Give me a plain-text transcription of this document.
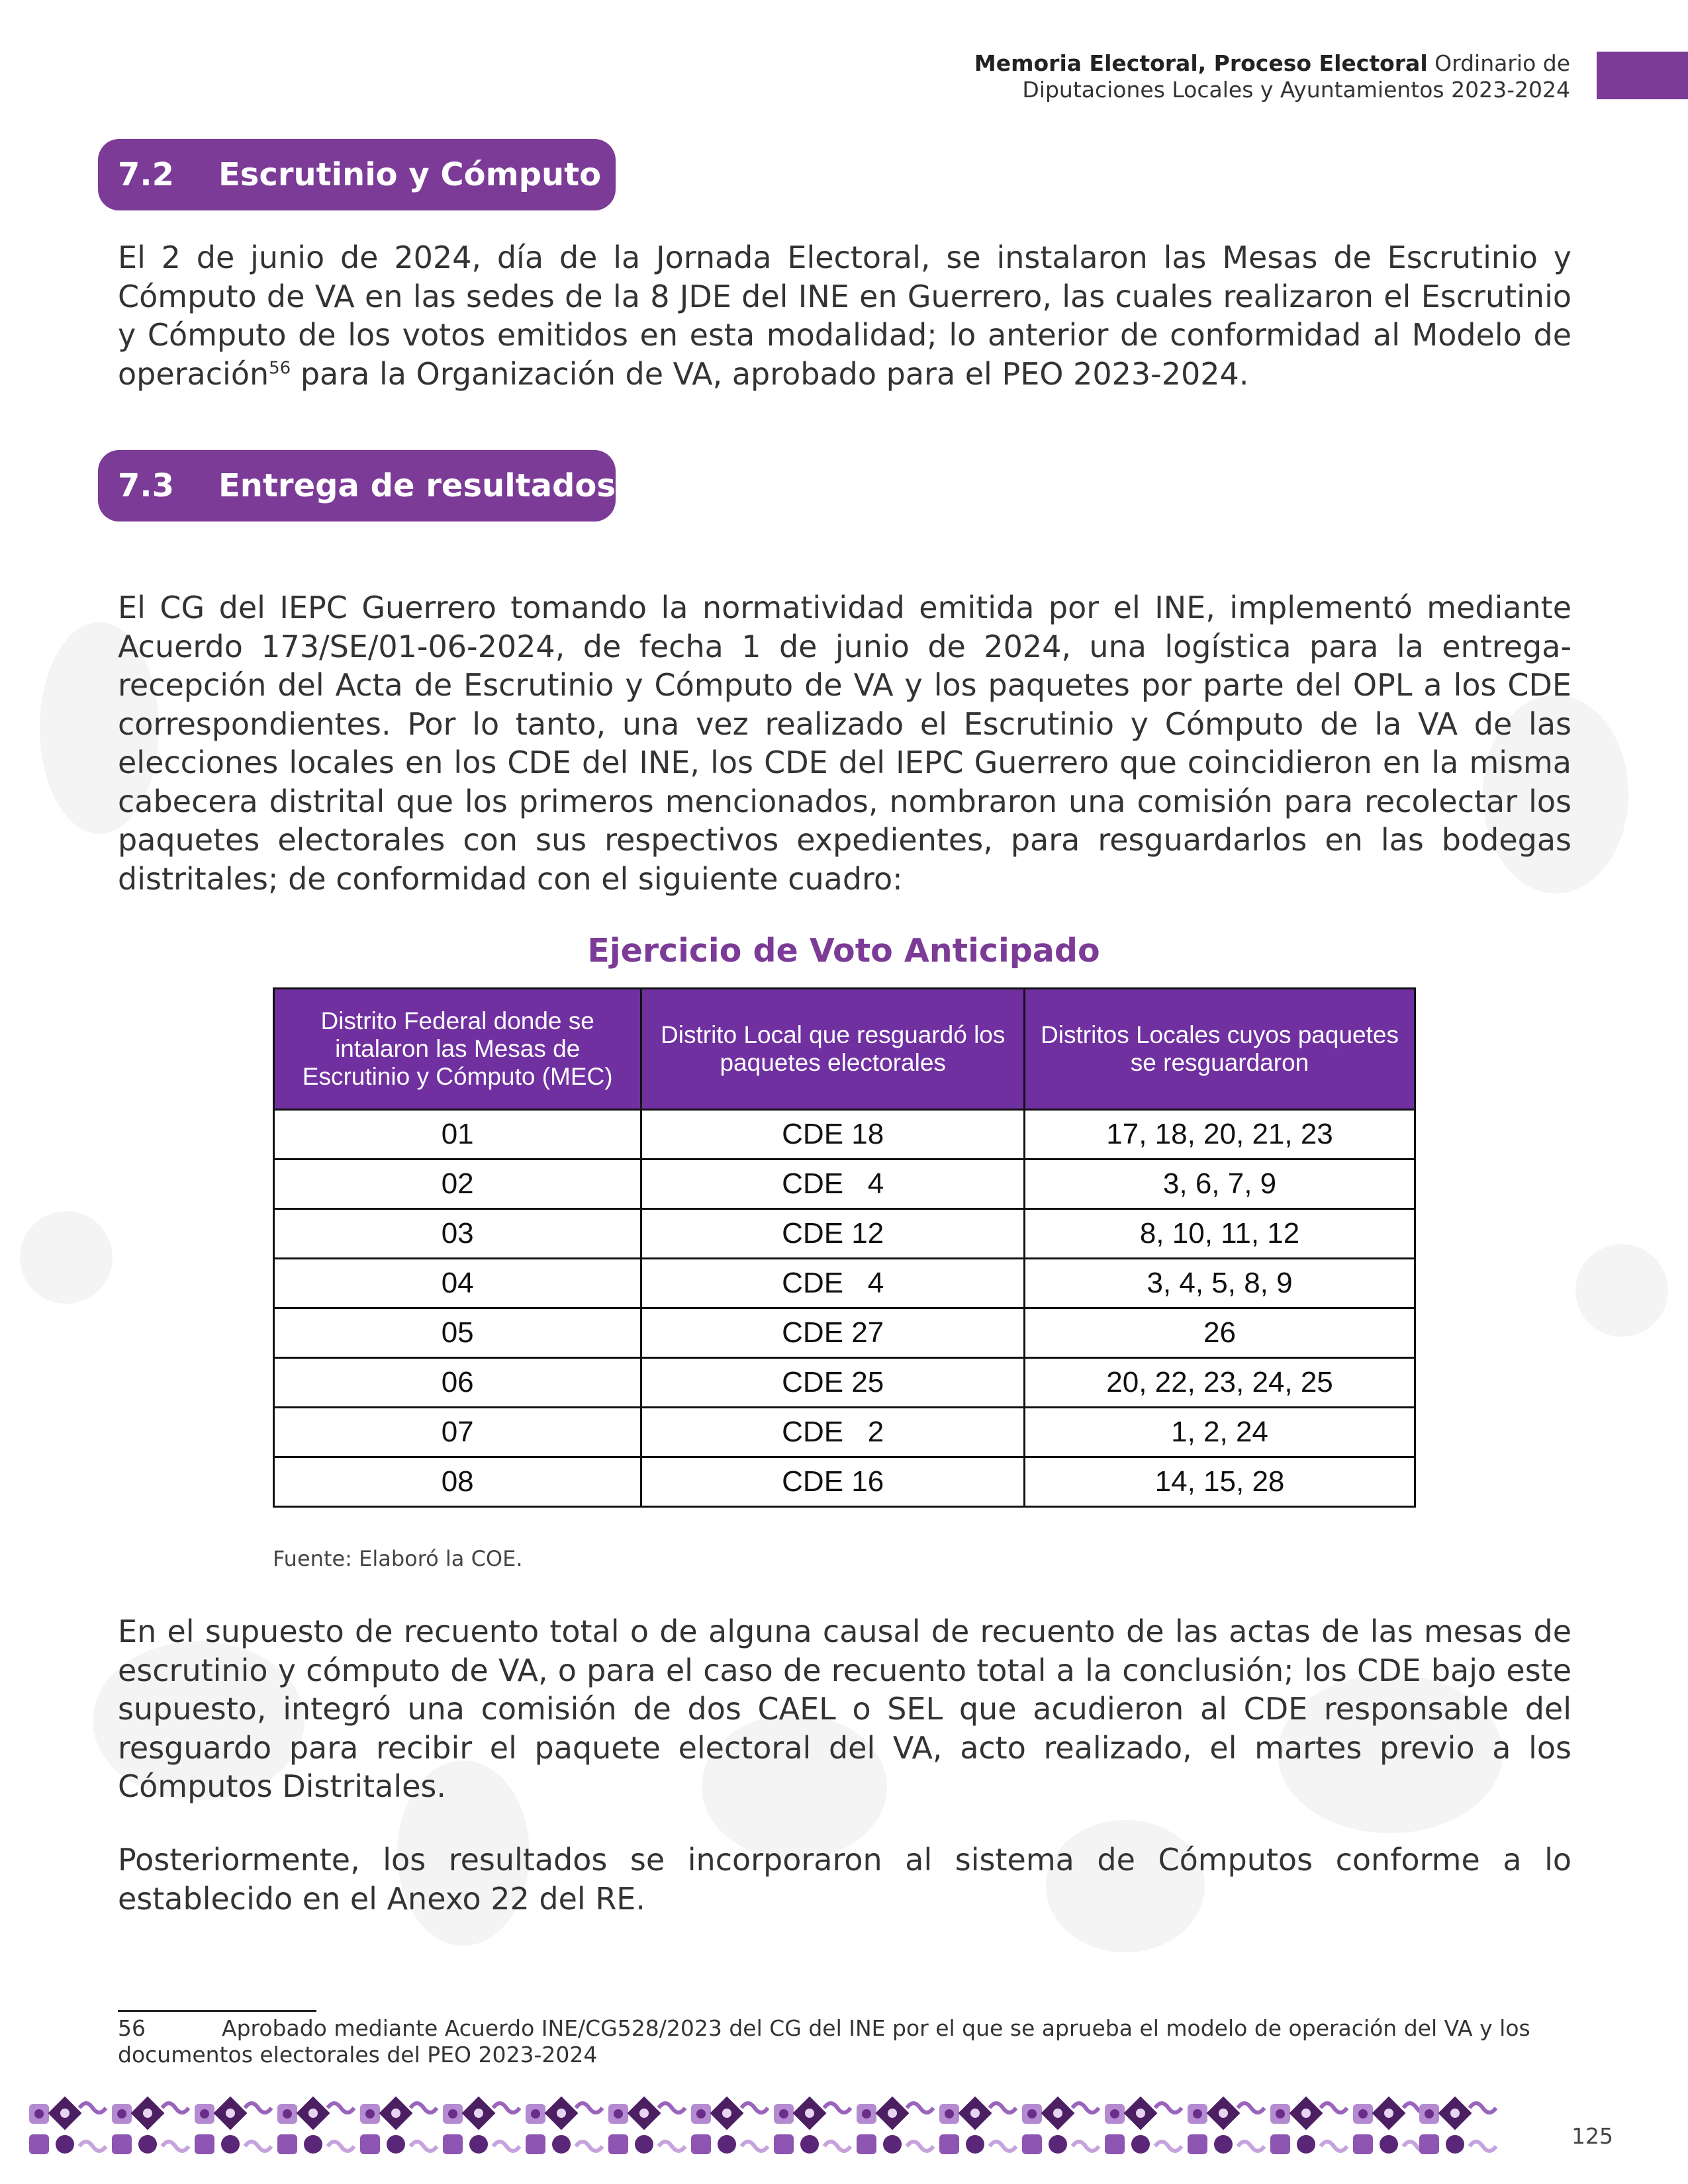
Memoria Electoral, Proceso Electoral Ordinario de
Diputaciones Locales y Ayuntamientos 2023-2024
7.2	Escrutinio y Cómputo

El 2 de junio de 2024, día de la Jornada Electoral, se instalaron las Mesas de Escrutinio y Cómputo de VA en las sedes de la 8 JDE del INE en Guerrero, las cuales realizaron el Escrutinio y Cómputo de los votos emitidos en esta modalidad; lo anterior de conformidad al Modelo de operación$^{56}$ para la Organización de VA, aprobado para el PEO 2023-2024.

7.3	Entrega de resultados

El CG del IEPC Guerrero tomando la normatividad emitida por el INE, implementó mediante Acuerdo 173/SE/01-06-2024, de fecha 1 de junio de 2024, una logística para la entrega-recepción del Acta de Escrutinio y Cómputo de VA y los paquetes por parte del OPL a los CDE correspondientes. Por lo tanto, una vez realizado el Escrutinio y Cómputo de la VA de las elecciones locales en los CDE del INE, los CDE del IEPC Guerrero que coincidieron en la misma cabecera distrital que los primeros mencionados, nombraron una comisión para recolectar los paquetes electorales con sus respectivos expedientes, para resguardarlos en las bodegas distritales; de conformidad con el siguiente cuadro:

Ejercicio de Voto Anticipado
Distrito Federal donde se intalaron las Mesas de Escrutinio y Cómputo (MEC)	Distrito Local que resguardó los paquetes electorales	Distritos Locales cuyos paquetes se resguardaron
01	CDE 18	17, 18, 20, 21, 23
02	CDE   4	3, 6, 7, 9
03	CDE 12	8, 10, 11, 12
04	CDE   4	3, 4, 5, 8, 9
05	CDE 27	26
06	CDE 25	20, 22, 23, 24, 25
07	CDE   2	1, 2, 24
08	CDE 16	14, 15, 28
Fuente: Elaboró la COE.

En el supuesto de recuento total o de alguna causal de recuento de las actas de las mesas de escrutinio y cómputo de VA, o para el caso de recuento total a la conclusión; los CDE bajo este supuesto, integró una comisión de dos CAEL o SEL que acudieron al CDE responsable del resguardo para recibir el paquete electoral del VA, acto realizado, el martes previo a los Cómputos Distritales.

Posteriormente, los resultados se incorporaron al sistema de Cómputos conforme a lo establecido en el Anexo 22 del RE.

56	Aprobado mediante Acuerdo INE/CG528/2023 del CG del INE por el que se aprueba el modelo de operación del VA y los documentos electorales del PEO 2023-2024
125
